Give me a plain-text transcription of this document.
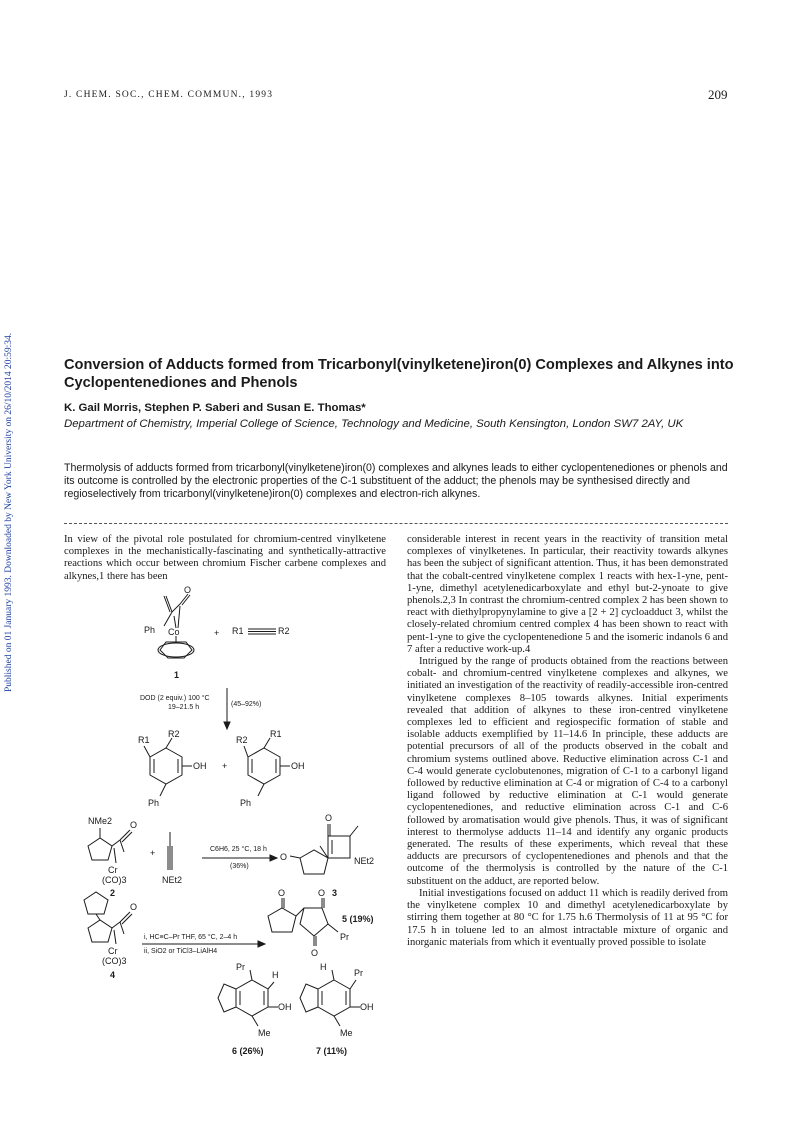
Published on 01 January 1993. Downloaded by New York University on 26/10/2014 20:59:34.
J. CHEM. SOC., CHEM. COMMUN., 1993	209
Conversion of Adducts formed from Tricarbonyl(vinylketene)iron(0) Complexes and Alkynes into Cyclopentenediones and Phenols
K. Gail Morris, Stephen P. Saberi and Susan E. Thomas*
Department of Chemistry, Imperial College of Science, Technology and Medicine, South Kensington, London SW7 2AY, UK

Thermolysis of adducts formed from tricarbonyl(vinylketene)iron(0) complexes and alkynes leads to either cyclopentenediones or phenols and its outcome is controlled by the electronic properties of the C-1 substituent of the adduct; the phenols may be synthesised directly and regioselectively from tricarbonyl(vinylketene)iron(0) complexes and electron-rich alkynes.

In view of the pivotal role postulated for chromium-centred vinylketene complexes in the mechanistically-fascinating and synthetically-attractive reactions which occur between chromium Fischer carbene complexes and alkynes,1 there has been

considerable interest in recent years in the reactivity of transition metal complexes of vinylketenes. In particular, their reactivity towards alkynes has been the subject of significant attention. Thus, it has been demonstrated that the cobalt-centred vinylketene complex 1 reacts with hex-1-yne, pent-1-yne, dimethyl acetylenedicarboxylate and ethyl but-2-ynoate to give phenols.2,3 In contrast the chromium-centred complex 2 has been shown to react with diethylpropynylamine to give a [2 + 2] cycloadduct 3, whilst the closely-related chromium centred complex 4 has been shown to react with pent-1-yne to give the cyclopentenedione 5 and the isomeric indanols 6 and 7 after a reductive work-up.4

Intrigued by the range of products obtained from the reactions between cobalt- and chromium-centred vinylketene complexes and alkynes, we initiated an investigation of the reactivity of readily-accessible iron-centred vinylketene complexes 8–105 towards alkynes. Initial experiments revealed that addition of alkynes to these iron-centred vinylketene complexes led to efficient and regiospecific formation of stable and isolable adducts exemplified by 11–14.6 In principle, these adducts are potential precursors of all of the products observed in the cobalt and chromium systems outlined above. Reductive elimination across C-1 and C-4 would generate cyclobutenones, migration of C-1 to a carbonyl ligand followed by reductive elimination at C-4 or migration of C-4 to a carbonyl ligand followed by reductive elimination at C-1 would generate cyclopentenediones, and reductive elimination across C-1 and C-6 followed by aromatisation would give phenols. Thus, it was of significant interest to thermolyse adducts 11–14 and identify any organic products generated. The results of these experiments, which reveal that these adducts are precursors of cyclopentenediones and phenols and that the outcome of the thermolysis is controlled by the nature of the C-1 substituent on the adduct, are reported below.

Initial investigations focused on adduct 11 which is readily derived from the vinylketene complex 10 and dimethyl acetylenedicarboxylate by stirring them together at 80 °C for 1.75 h.6 Thermolysis of 11 at 95 °C for 17.5 h in toluene led to an almost intractable mixture of organic and inorganic materials from which it eventually proved possible to isolate

Ph Co
O
+ R1	R2
1
DOD (2 equiv.) 100 °C
19–21.5 h	(45–92%)
R1
R2
OH
Ph
+
R2
R1
OH
Ph
NMe2 O
Cr
(CO)3
2
+
NEt2
C6H6, 25 °C, 18 h
(36%)
O
O	NEt2
3
O
Cr
(CO)3
4
i, HC≡C–Pr THF, 65 °C, 2–4 h
ii, SiO2 or TiCl3–LiAlH4
O	O
O
Pr
5 (19%)
Pr
H
OH
Me
6 (26%)
H
Pr
OH
Me
7 (11%)
